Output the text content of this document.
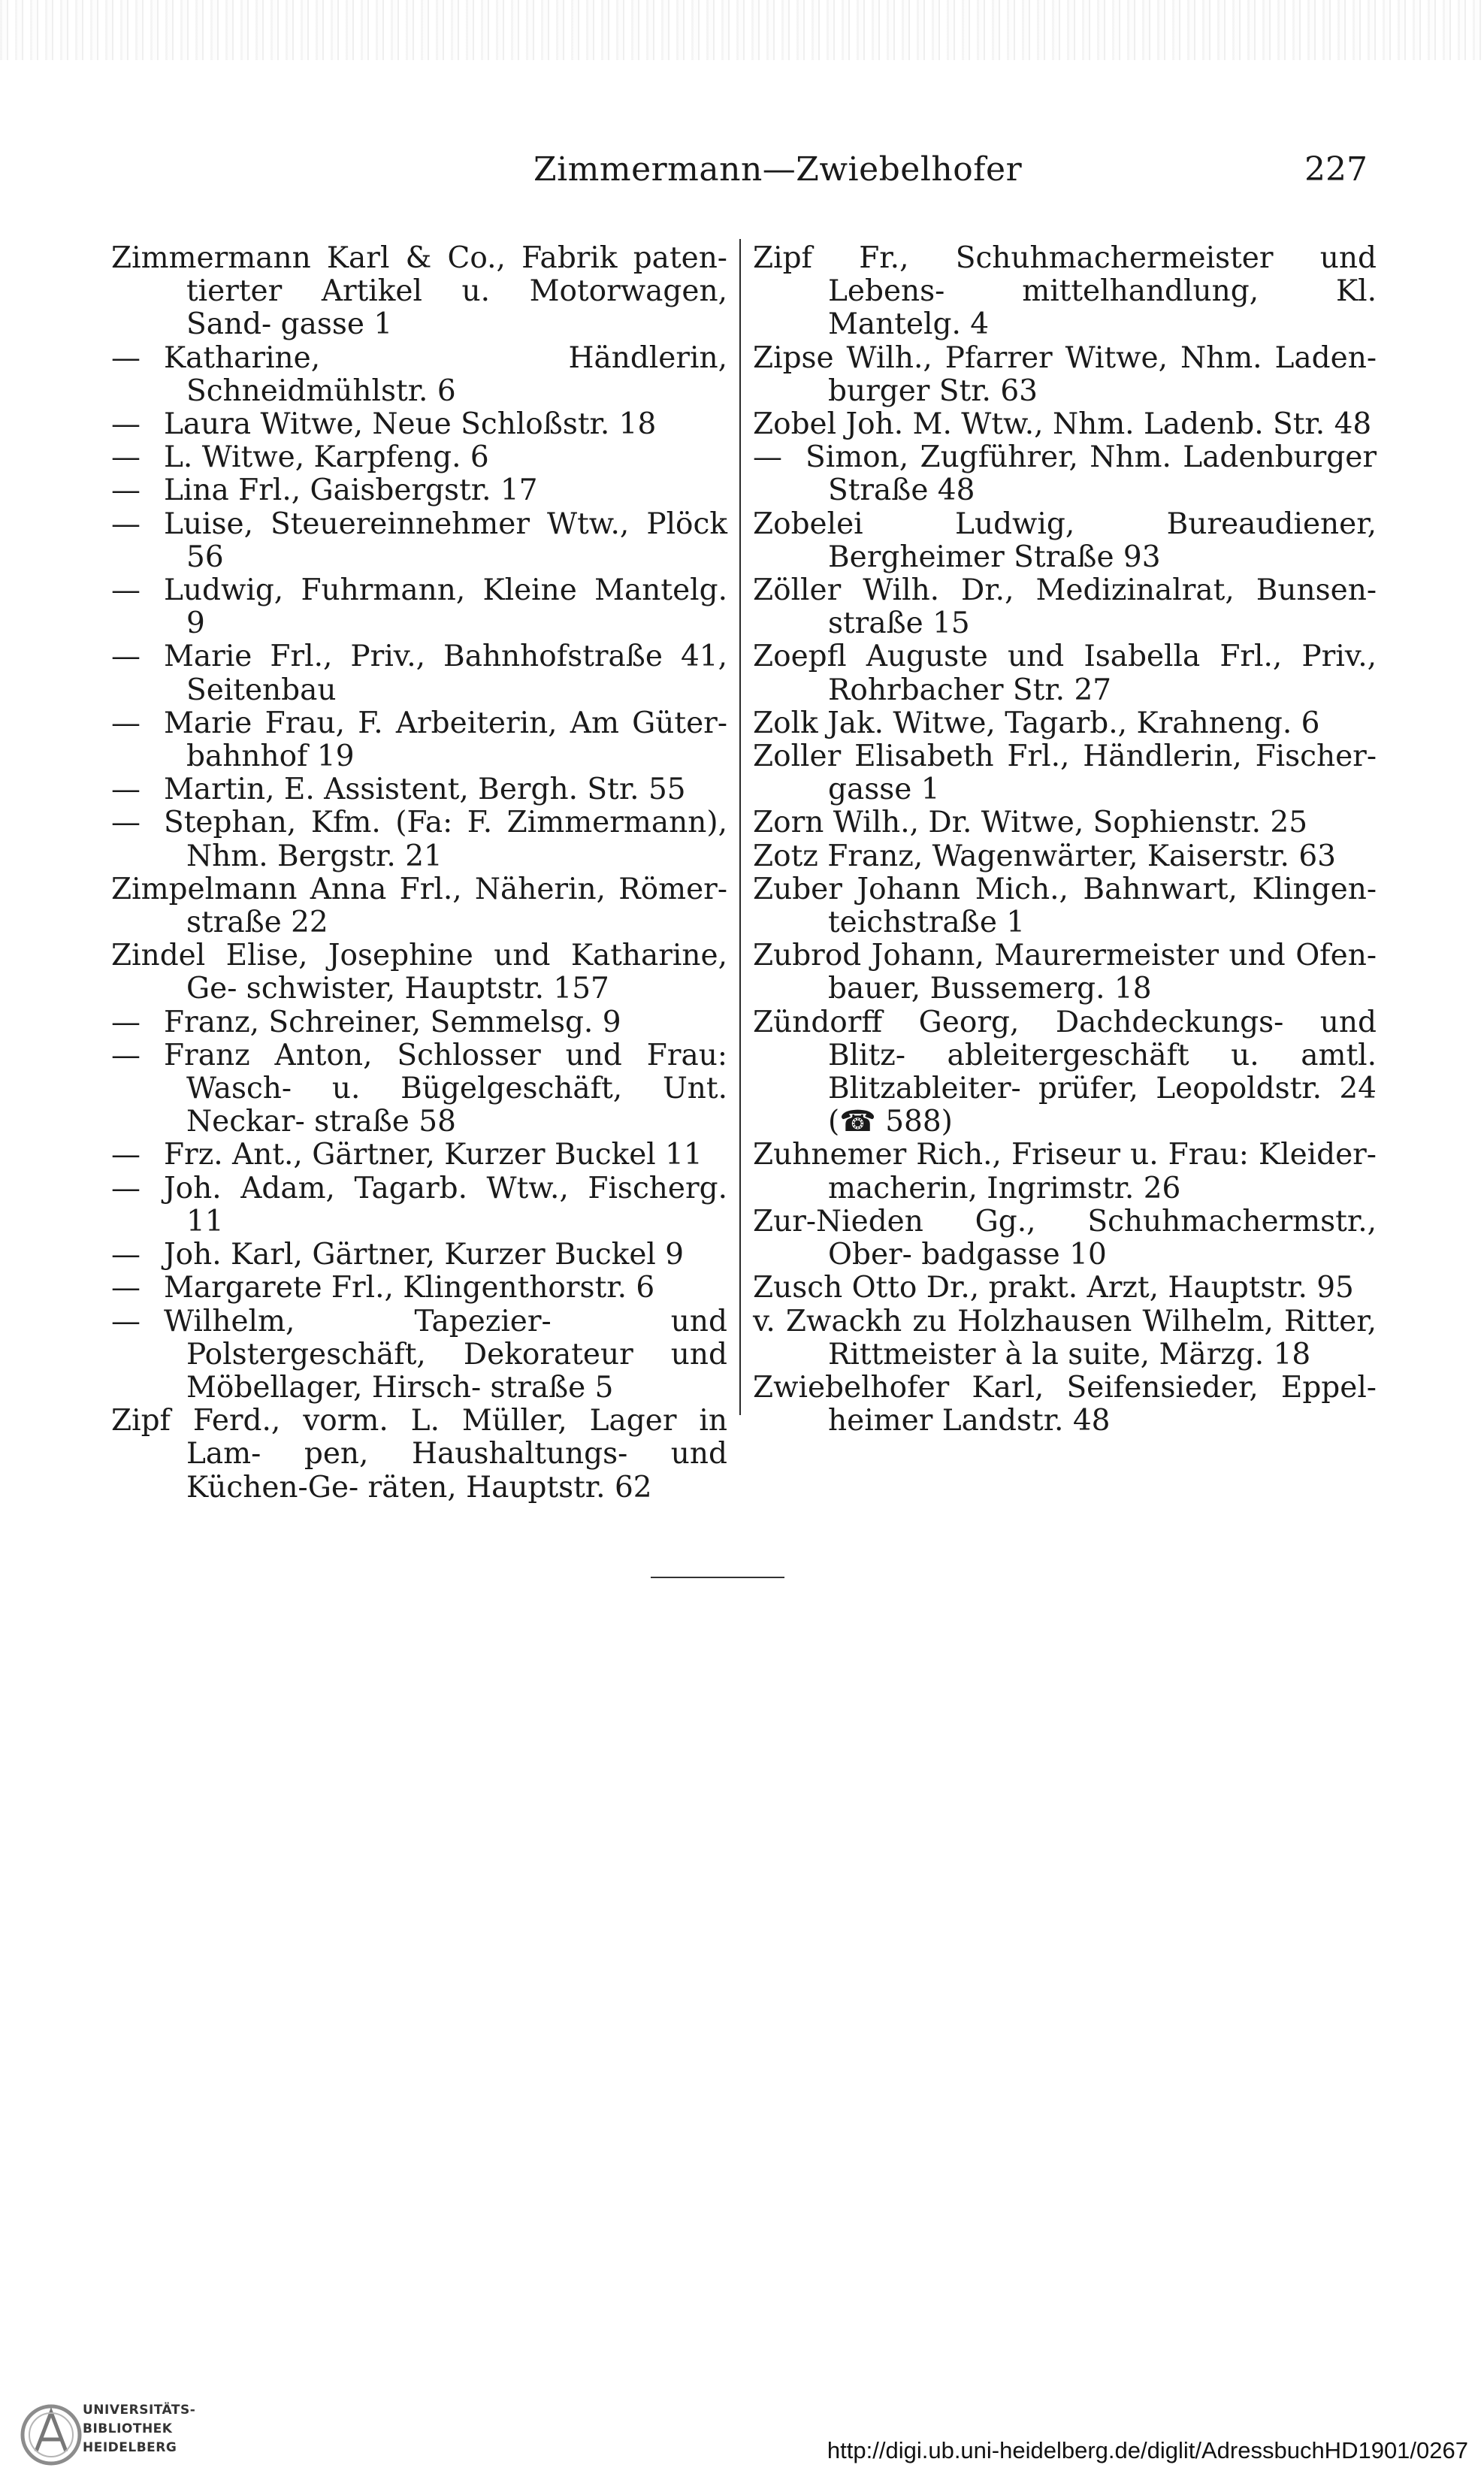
Zimmermann—Zwiebelhofer	227

Zimmermann Karl & Co., Fabrik paten- tierter Artikel u. Motorwagen, Sand- gasse 1

— Katharine, Händlerin, Schneidmühlstr. 6

— Laura Witwe, Neue Schloßstr. 18

— L. Witwe, Karpfeng. 6

— Lina Frl., Gaisbergstr. 17

— Luise, Steuereinnehmer Wtw., Plöck 56

— Ludwig, Fuhrmann, Kleine Mantelg. 9

— Marie Frl., Priv., Bahnhofstraße 41, Seitenbau

— Marie Frau, F. Arbeiterin, Am Güter- bahnhof 19

— Martin, E. Assistent, Bergh. Str. 55

— Stephan, Kfm. (Fa: F. Zimmermann), Nhm. Bergstr. 21

Zimpelmann Anna Frl., Näherin, Römer- straße 22

Zindel Elise, Josephine und Katharine, Ge- schwister, Hauptstr. 157

— Franz, Schreiner, Semmelsg. 9

— Franz Anton, Schlosser und Frau: Wasch- u. Bügelgeschäft, Unt. Neckar- straße 58

— Frz. Ant., Gärtner, Kurzer Buckel 11

— Joh. Adam, Tagarb. Wtw., Fischerg. 11

— Joh. Karl, Gärtner, Kurzer Buckel 9

— Margarete Frl., Klingenthorstr. 6

— Wilhelm, Tapezier- und Polstergeschäft, Dekorateur und Möbellager, Hirsch- straße 5

Zipf Ferd., vorm. L. Müller, Lager in Lam- pen, Haushaltungs- und Küchen-Ge- räten, Hauptstr. 62

Zipf Fr., Schuhmachermeister und Lebens- mittelhandlung, Kl. Mantelg. 4

Zipse Wilh., Pfarrer Witwe, Nhm. Laden- burger Str. 63

Zobel Joh. M. Wtw., Nhm. Ladenb. Str. 48

— Simon, Zugführer, Nhm. Ladenburger Straße 48

Zobelei Ludwig, Bureaudiener, Bergheimer Straße 93

Zöller Wilh. Dr., Medizinalrat, Bunsen- straße 15

Zoepfl Auguste und Isabella Frl., Priv., Rohrbacher Str. 27

Zolk Jak. Witwe, Tagarb., Krahneng. 6

Zoller Elisabeth Frl., Händlerin, Fischer- gasse 1

Zorn Wilh., Dr. Witwe, Sophienstr. 25

Zotz Franz, Wagenwärter, Kaiserstr. 63

Zuber Johann Mich., Bahnwart, Klingen- teichstraße 1

Zubrod Johann, Maurermeister und Ofen- bauer, Bussemerg. 18

Zündorff Georg, Dachdeckungs- und Blitz- ableitergeschäft u. amtl. Blitzableiter- prüfer, Leopoldstr. 24 (☎ 588)

Zuhnemer Rich., Friseur u. Frau: Kleider- macherin, Ingrimstr. 26

Zur-Nieden Gg., Schuhmachermstr., Ober- badgasse 10

Zusch Otto Dr., prakt. Arzt, Hauptstr. 95

v. Zwackh zu Holzhausen Wilhelm, Ritter, Rittmeister à la suite, Märzg. 18

Zwiebelhofer Karl, Seifensieder, Eppel- heimer Landstr. 48

UNIVERSITÄTS-
BIBLIOTHEK
HEIDELBERG	http://digi.ub.uni-heidelberg.de/diglit/AdressbuchHD1901/0267
